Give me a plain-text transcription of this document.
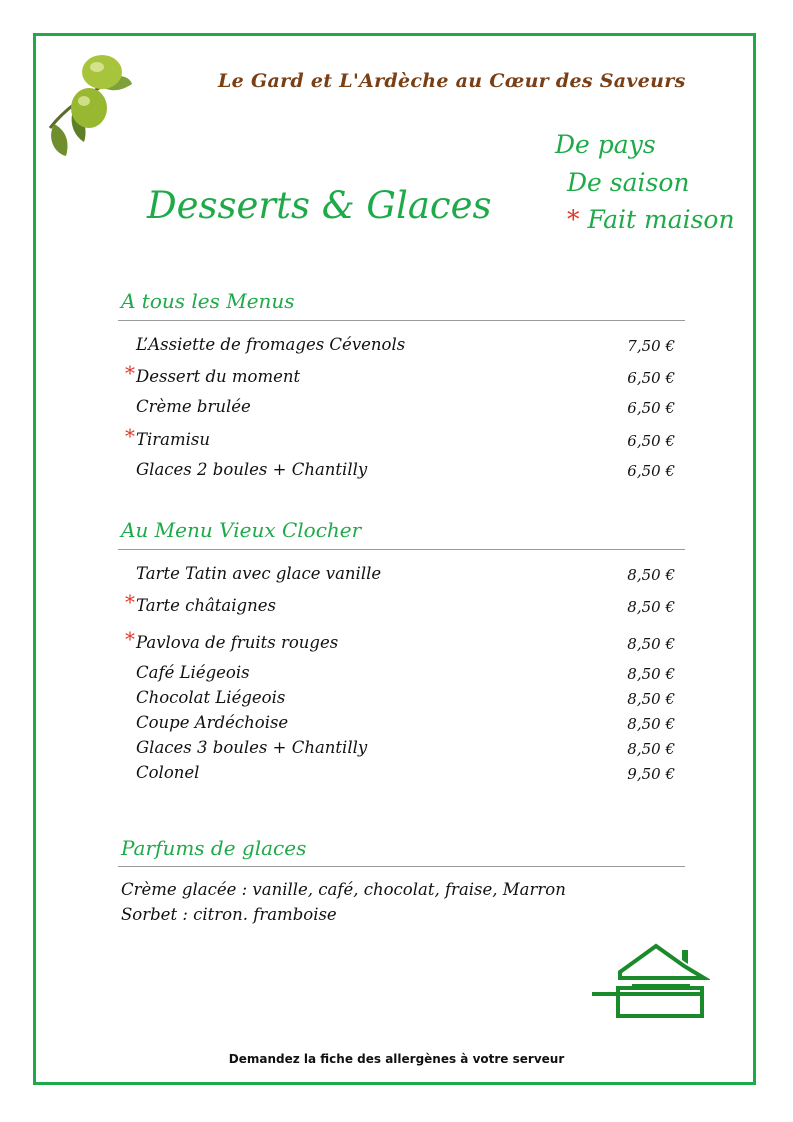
Le Gard et L'Ardèche au Cœur des Saveurs
Desserts & Glaces
De pays
De saison
* Fait maison
A tous les Menus
L’Assiette de fromages Cévenols	7,50 €
* Dessert du moment	6,50 €
Crème brulée	6,50 €
* Tiramisu	6,50 €
Glaces 2 boules + Chantilly	6,50 €
Au Menu Vieux Clocher
Tarte Tatin avec glace vanille	8,50 €
* Tarte châtaignes	8,50 €
* Pavlova de fruits rouges	8,50 €
Café Liégeois	8,50 €
Chocolat Liégeois	8,50 €
Coupe Ardéchoise	8,50 €
Glaces 3 boules + Chantilly	8,50 €
Colonel	9,50 €
Parfums de glaces
Crème glacée : vanille, café, chocolat, fraise, Marron
Sorbet : citron. framboise
Demandez la fiche des allergènes à votre serveur
